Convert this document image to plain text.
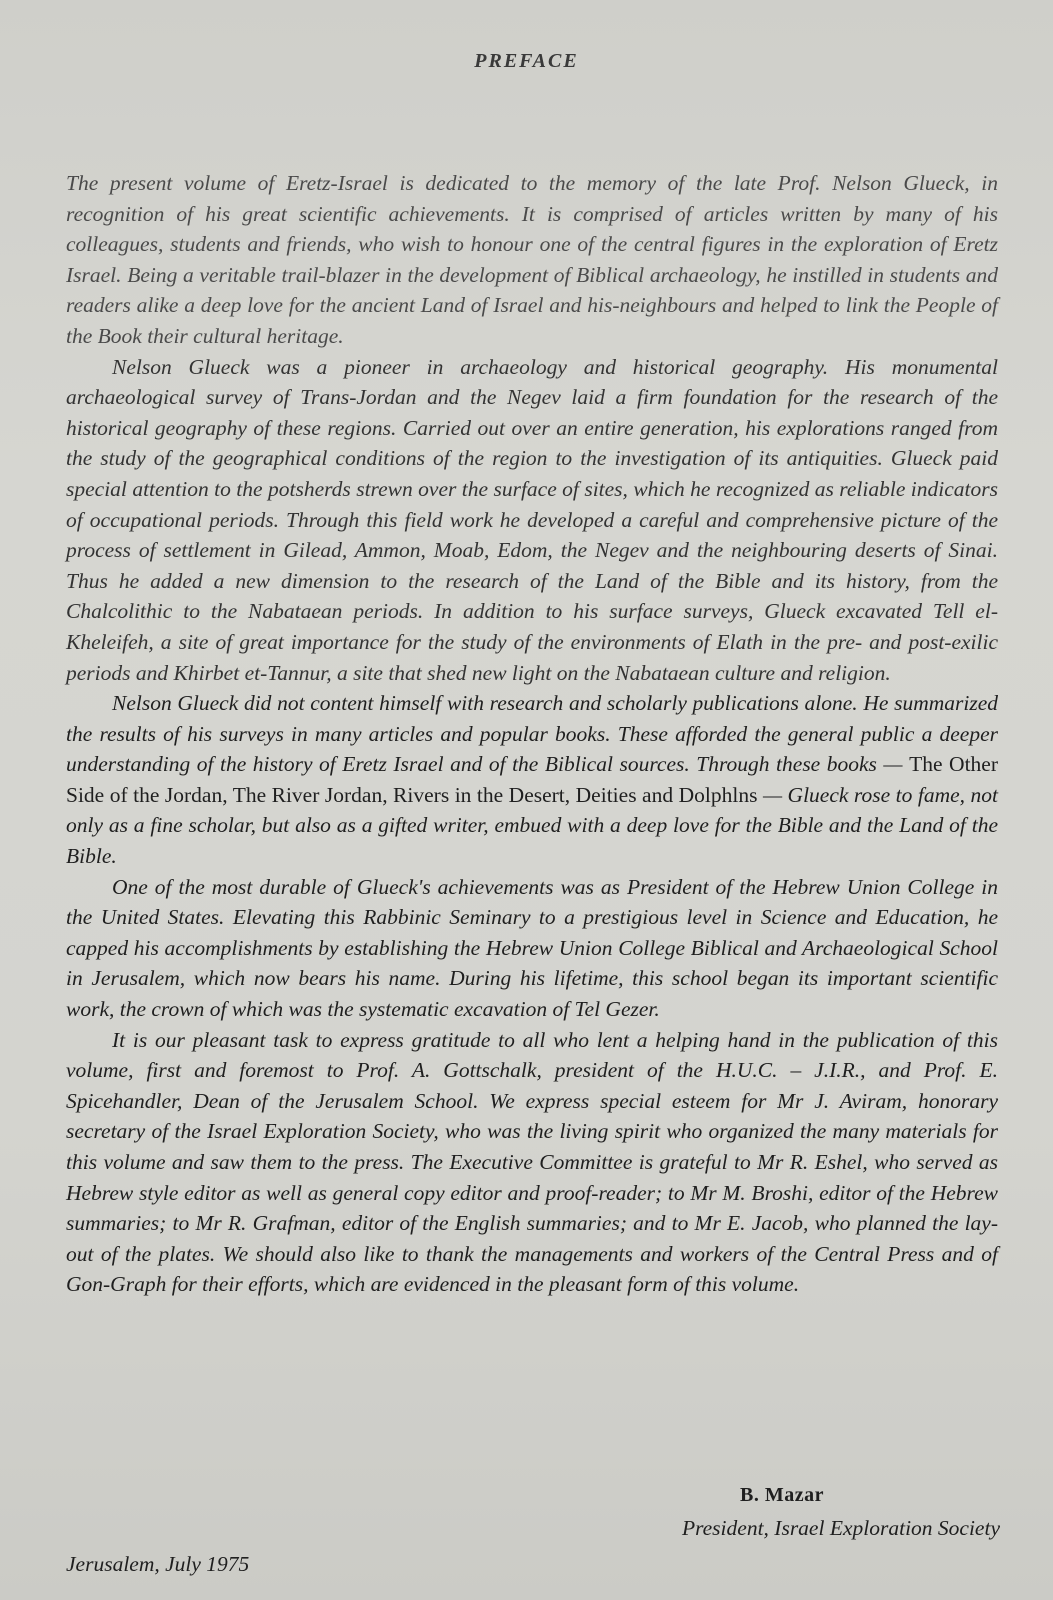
PREFACE

The present volume of Eretz-Israel is dedicated to the memory of the late Prof. Nelson Glueck, in recognition of his great scientific achievements. It is comprised of articles written by many of his colleagues, students and friends, who wish to honour one of the central figures in the exploration of Eretz Israel. Being a veritable trail-blazer in the development of Biblical archaeology, he instilled in students and readers alike a deep love for the ancient Land of Israel and his-neighbours and helped to link the People of the Book their cultural heritage.

Nelson Glueck was a pioneer in archaeology and historical geography. His monumental archaeological survey of Trans-Jordan and the Negev laid a firm foundation for the research of the historical geography of these regions. Carried out over an entire generation, his explorations ranged from the study of the geographical conditions of the region to the investigation of its antiquities. Glueck paid special attention to the potsherds strewn over the surface of sites, which he recognized as reliable indicators of occupational periods. Through this field work he developed a careful and comprehensive picture of the process of settlement in Gilead, Ammon, Moab, Edom, the Negev and the neighbouring deserts of Sinai. Thus he added a new dimension to the research of the Land of the Bible and its history, from the Chalcolithic to the Nabataean periods. In addition to his surface surveys, Glueck excavated Tell el-Kheleifeh, a site of great importance for the study of the environments of Elath in the pre- and post-exilic periods and Khirbet et-Tannur, a site that shed new light on the Nabataean culture and religion.

Nelson Glueck did not content himself with research and scholarly publications alone. He summarized the results of his surveys in many articles and popular books. These afforded the general public a deeper understanding of the history of Eretz Israel and of the Biblical sources. Through these books — The Other Side of the Jordan, The River Jordan, Rivers in the Desert, Deities and Dolphlns — Glueck rose to fame, not only as a fine scholar, but also as a gifted writer, embued with a deep love for the Bible and the Land of the Bible.

One of the most durable of Glueck's achievements was as President of the Hebrew Union College in the United States. Elevating this Rabbinic Seminary to a prestigious level in Science and Education, he capped his accomplishments by establishing the Hebrew Union College Biblical and Archaeological School in Jerusalem, which now bears his name. During his lifetime, this school began its important scientific work, the crown of which was the systematic excavation of Tel Gezer.

It is our pleasant task to express gratitude to all who lent a helping hand in the publication of this volume, first and foremost to Prof. A. Gottschalk, president of the H.U.C. – J.I.R., and Prof. E. Spicehandler, Dean of the Jerusalem School. We express special esteem for Mr J. Aviram, honorary secretary of the Israel Exploration Society, who was the living spirit who organized the many materials for this volume and saw them to the press. The Executive Committee is grateful to Mr R. Eshel, who served as Hebrew style editor as well as general copy editor and proof-reader; to Mr M. Broshi, editor of the Hebrew summaries; to Mr R. Grafman, editor of the English summaries; and to Mr E. Jacob, who planned the lay-out of the plates. We should also like to thank the managements and workers of the Central Press and of Gon-Graph for their efforts, which are evidenced in the pleasant form of this volume.

B. Mazar
President, Israel Exploration Society
Jerusalem, July 1975
